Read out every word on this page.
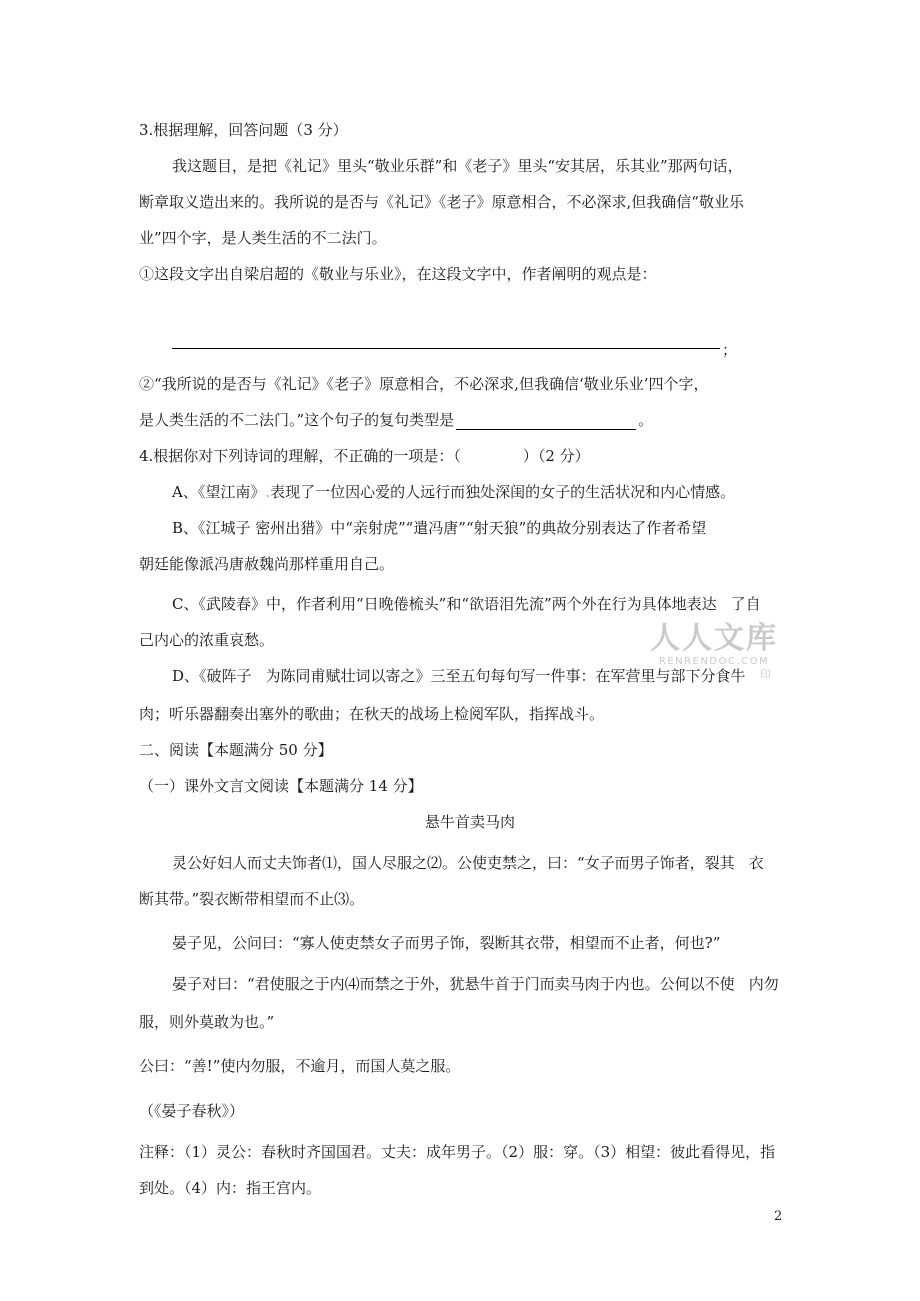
3.根据理解，回答问题（3 分）
我这题目，是把《礼记》里头“敬业乐群”和《老子》里头“安其居，乐其业”那两句话，
断章取义造出来的。我所说的是否与《礼记》《老子》原意相合，不必深求,但我确信“敬业乐
业”四个字，是人类生活的不二法门。
①这段文字出自梁启超的《敬业与乐业》，在这段文字中，作者阐明的观点是：
；
②“我所说的是否与《礼记》《老子》原意相合，不必深求,但我确信‘敬业乐业’四个字，
是人类生活的不二法门。”这个句子的复句类型是	。
4.根据你对下列诗词的理解，不正确的一项是：（	）（2 分）
A、《望江南》.表现了一位因心爱的人远行而独处深闺的女子的生活状况和内心情感。
B、《江城子 密州出猎》中“亲射虎”“遣冯唐”“射天狼”的典故分别表达了作者希望
朝廷能像派冯唐赦魏尚那样重用自己。
C、《武陵春》中，作者利用“日晚倦梳头”和“欲语泪先流”两个外在行为具体地表达 了自
己内心的浓重哀愁。
D、《破阵子 为陈同甫赋壮词以寄之》三至五句每句写一件事：在军营里与部下分食牛
肉；听乐器翻奏出塞外的歌曲；在秋天的战场上检阅军队，指挥战斗。
二、阅读【本题满分 50 分】
（一）课外文言文阅读【本题满分 14 分】
悬牛首卖马肉
灵公好妇人而丈夫饰者⑴，国人尽服之⑵。公使吏禁之，曰：“女子而男子饰者，裂其 衣
断其带。”裂衣断带相望而不止⑶。
晏子见，公问曰：“寡人使吏禁女子而男子饰，裂断其衣带，相望而不止者，何也?”
晏子对曰：“君使服之于内⑷而禁之于外，犹悬牛首于门而卖马肉于内也。公何以不使 内勿
服，则外莫敢为也。”
公曰：“善!”使内勿服，不逾月，而国人莫之服。
（《晏子春秋》）
注释：（1）灵公：春秋时齐国国君。丈夫：成年男子。（2）服：穿。（3）相望：彼此看得见，指
到处。（4）内：指王宫内。
人人文库
RENRENDOC.COM
印
2
